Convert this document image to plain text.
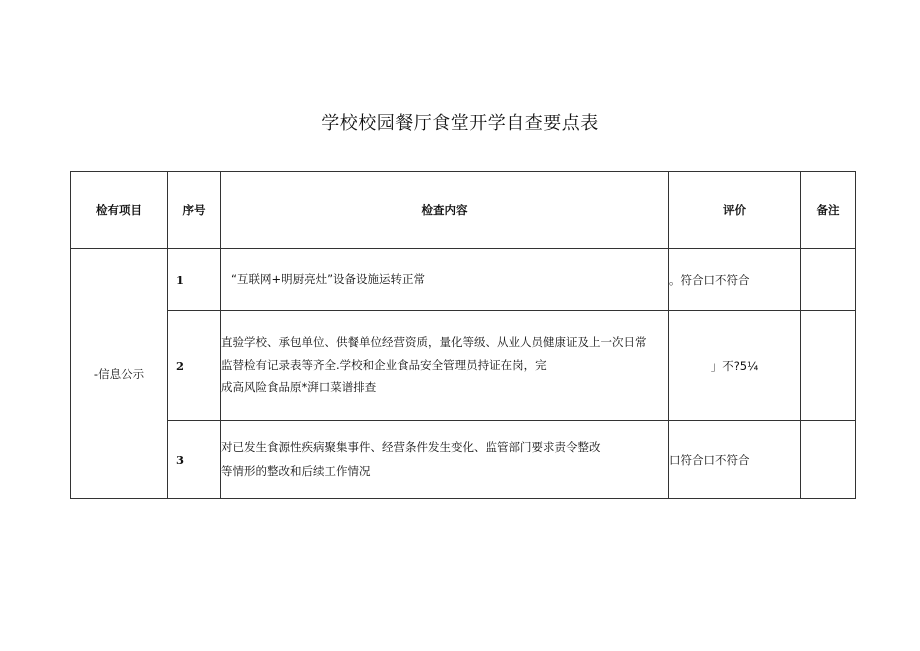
学校校园餐厅食堂开学自查要点表
检有项目	序号	检查内容	评价	备注
-信息公示	1	“互联网+明厨亮灶”设备设施运转正常	。符合口不符合	
	2	直验学校、承包单位、供餐单位经营资质，量化等级、从业人员健康证及上一次日常
监替检有记录表等齐全.学校和企业食品安全管理员持证在岗，完
成高风险食品原*湃口菜谱排查	」不?5¼	
	3	对已发生食源性疾病聚集事件、经营条件发生变化、监管部门要求责令整改
等情形的整改和后续工作情况	口符合口不符合	
